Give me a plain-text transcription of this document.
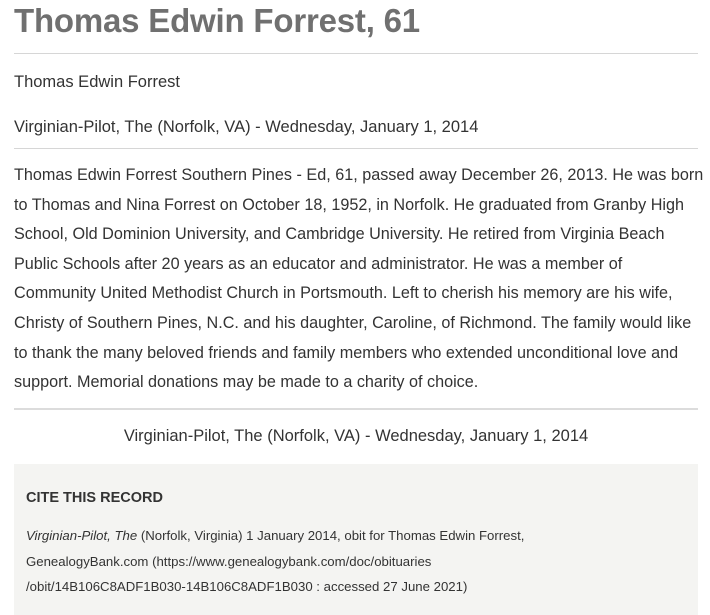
Thomas Edwin Forrest, 61
Thomas Edwin Forrest
Virginian-Pilot, The (Norfolk, VA) - Wednesday, January 1, 2014

Thomas Edwin Forrest Southern Pines - Ed, 61, passed away December 26, 2013. He was born to Thomas and Nina Forrest on October 18, 1952, in Norfolk. He graduated from Granby High School, Old Dominion University, and Cambridge University. He retired from Virginia Beach Public Schools after 20 years as an educator and administrator. He was a member of Community United Methodist Church in Portsmouth. Left to cherish his memory are his wife, Christy of Southern Pines, N.C. and his daughter, Caroline, of Richmond. The family would like to thank the many beloved friends and family members who extended unconditional love and support. Memorial donations may be made to a charity of choice.

Virginian-Pilot, The (Norfolk, VA) - Wednesday, January 1, 2014
CITE THIS RECORD
Virginian-Pilot, The (Norfolk, Virginia) 1 January 2014, obit for Thomas Edwin Forrest,
GenealogyBank.com (https://www.genealogybank.com/doc/obituaries
/obit/14B106C8ADF1B030-14B106C8ADF1B030 : accessed 27 June 2021)
